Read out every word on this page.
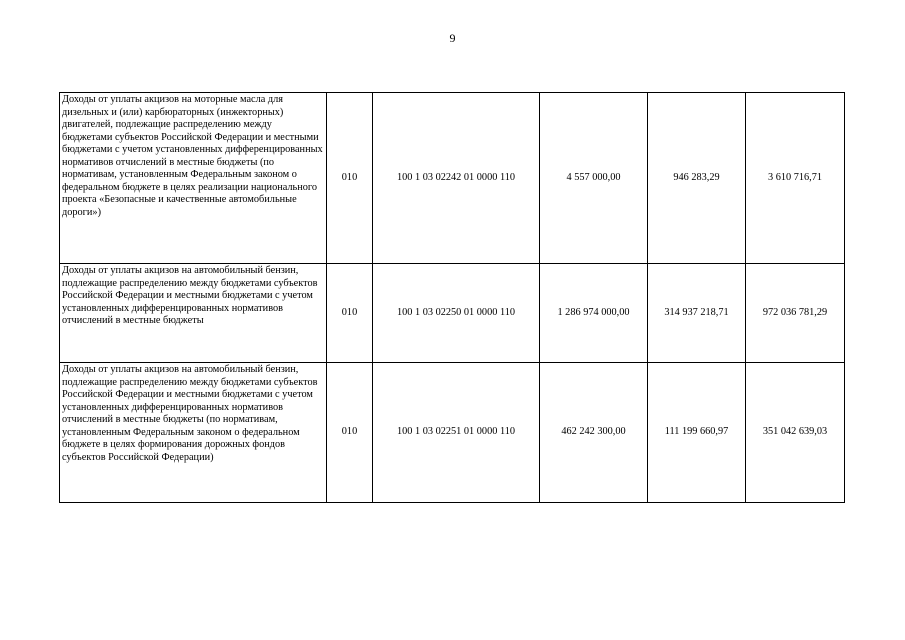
9
Доходы от уплаты акцизов на моторные масла для дизельных и (или) карбюраторных (инжекторных) двигателей, подлежащие распределению между бюджетами субъектов Российской Федерации и местными бюджетами с учетом установленных дифференцированных нормативов отчислений в местные бюджеты (по нормативам, установленным Федеральным законом о федеральном бюджете в целях реализации национального проекта «Безопасные и качественные автомобильные дороги»)	010	100 1 03 02242 01 0000 110	4 557 000,00	946 283,29	3 610 716,71
Доходы от уплаты акцизов на автомобильный бензин, подлежащие распределению между бюджетами субъектов Российской Федерации и местными бюджетами с учетом установленных дифференцированных нормативов отчислений в местные бюджеты	010	100 1 03 02250 01 0000 110	1 286 974 000,00	314 937 218,71	972 036 781,29
Доходы от уплаты акцизов на автомобильный бензин, подлежащие распределению между бюджетами субъектов Российской Федерации и местными бюджетами с учетом установленных дифференцированных нормативов отчислений в местные бюджеты (по нормативам, установленным Федеральным законом о федеральном бюджете в целях формирования дорожных фондов субъектов Российской Федерации)	010	100 1 03 02251 01 0000 110	462 242 300,00	111 199 660,97	351 042 639,03
